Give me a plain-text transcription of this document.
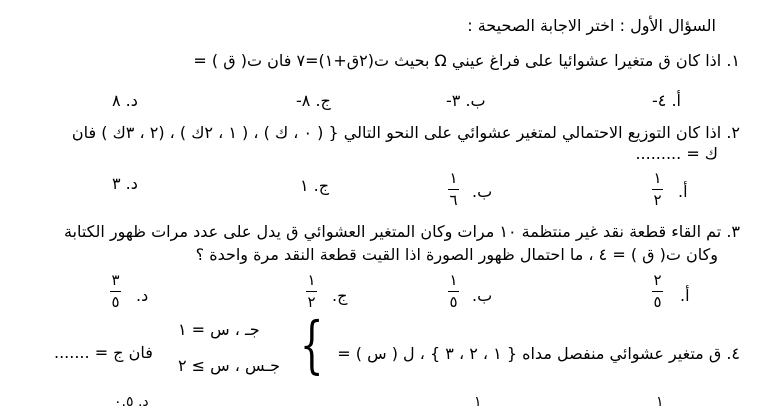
السؤال الأول : اختر الاجابة الصحيحة :
١. اذا كان ق متغيرا عشوائيا على فراغ عيني Ω بحيث ت(٢ق+١)=٧ فان ت( ق ) =
أ. ٤-
ب. ٣-
ج. ٨-
د. ٨
٢. اذا كان التوزيع الاحتمالي لمتغير عشوائي على النحو التالي { ( ٠ ، ك ) ، ( ١ ، ٢ك ) ، (٢ ، ٣ك ) فان
ك = .........
أ.
١
٢
ب.
١
٦
ج. ١
د. ٣
٣. تم القاء قطعة نقد غير منتظمة ١٠ مرات وكان المتغير العشوائي ق يدل على عدد مرات ظهور الكتابة
وكان ت( ق ) = ٤ ، ما احتمال ظهور الصورة اذا القيت قطعة النقد مرة واحدة ؟
أ.
٢
٥
ب.
١
٥
ج.
١
٢
د.
٣
٥
٤. ق متغير عشوائي منفصل مداه { ١ ، ٢ ، ٣ } ، ل ( س ) =
{
جـ ، س = ١
جـس ، س ≥ ٢
فان ج = .......
د. ٠.٥	١	١
